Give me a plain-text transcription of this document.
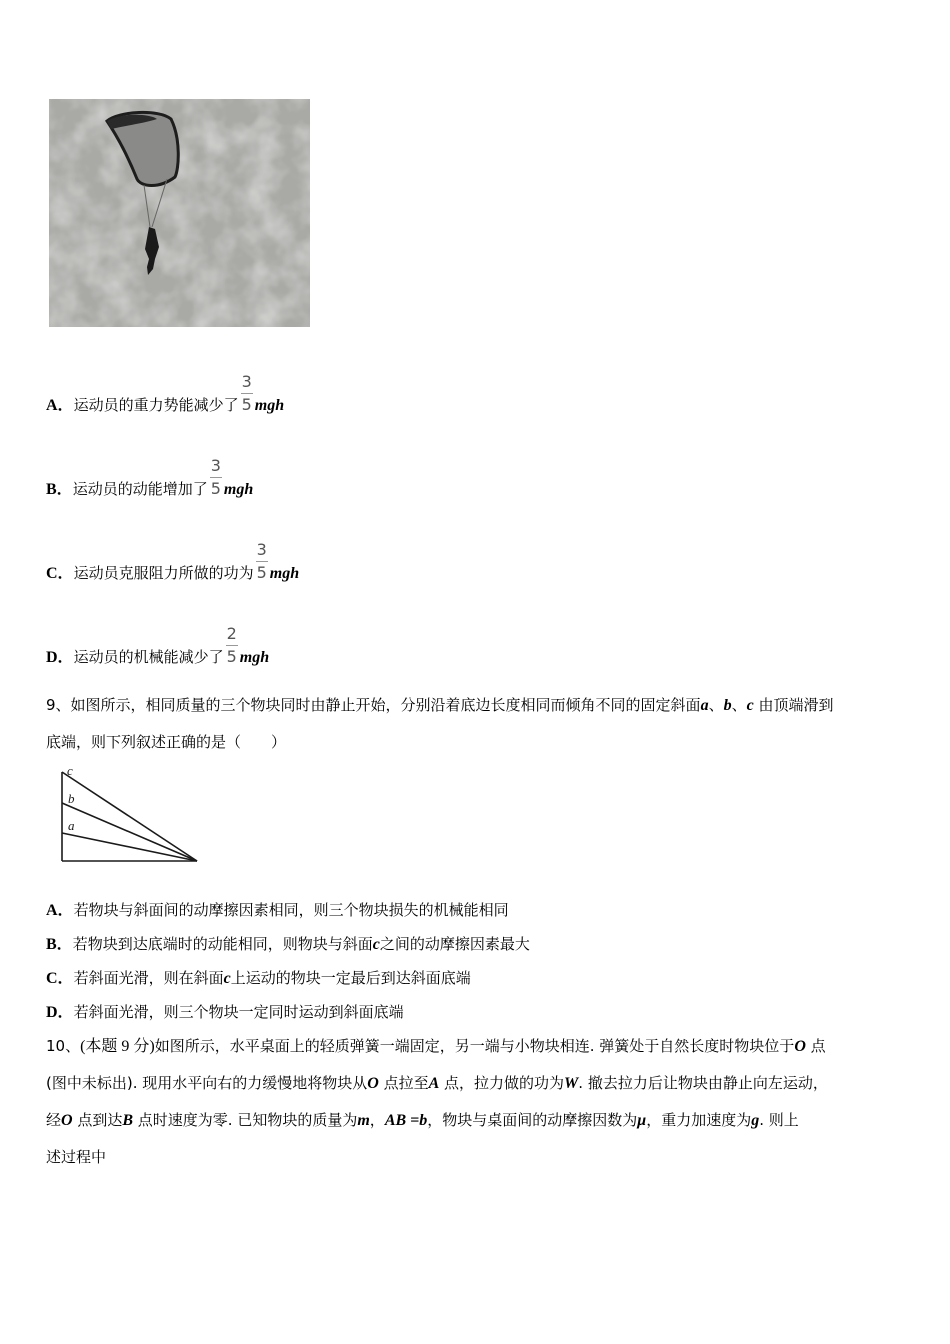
A．运动员的重力势能减少了 $\frac{3}{5}$ mgh
B．运动员的动能增加了 $\frac{3}{5}$ mgh
C．运动员克服阻力所做的功为 $\frac{3}{5}$ mgh
D．运动员的机械能减少了 $\frac{2}{5}$ mgh
9、如图所示，相同质量的三个物块同时由静止开始，分别沿着底边长度相同而倾角不同的固定斜面a、b、c 由顶端滑到
底端，则下列叙述正确的是（　　）
c
b
a
A．若物块与斜面间的动摩擦因素相同，则三个物块损失的机械能相同
B．若物块到达底端时的动能相同，则物块与斜面c之间的动摩擦因素最大
C．若斜面光滑，则在斜面c上运动的物块一定最后到达斜面底端
D．若斜面光滑，则三个物块一定同时运动到斜面底端
10、(本题 9 分)如图所示，水平桌面上的轻质弹簧一端固定，另一端与小物块相连. 弹簧处于自然长度时物块位于O 点
(图中未标出). 现用水平向右的力缓慢地将物块从O 点拉至A 点，拉力做的功为W. 撤去拉力后让物块由静止向左运动，
经O 点到达B 点时速度为零. 已知物块的质量为m，AB =b，物块与桌面间的动摩擦因数为μ，重力加速度为g. 则上
述过程中
